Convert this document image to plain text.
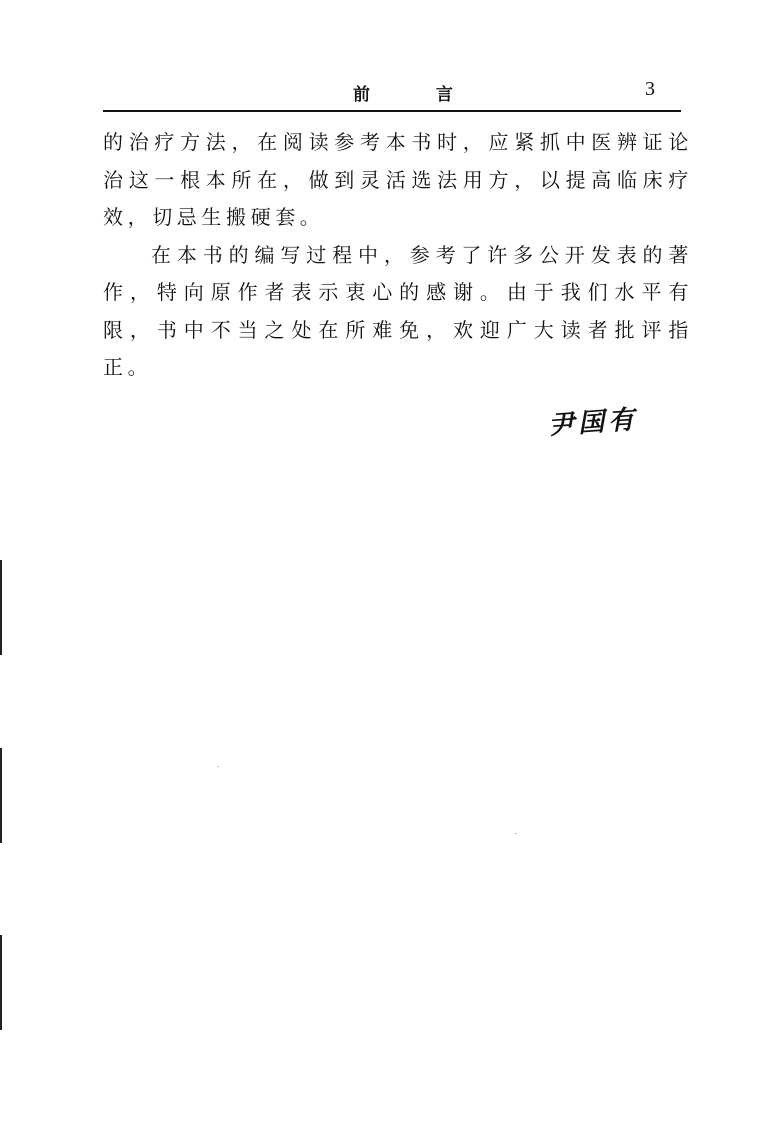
前 言	3

的治疗方法，在阅读参考本书时，应紧抓中医辨证论治这一根本所在，做到灵活选法用方，以提高临床疗效，切忌生搬硬套。

在本书的编写过程中，参考了许多公开发表的著作，特向原作者表示衷心的感谢。由于我们水平有限，书中不当之处在所难免，欢迎广大读者批评指正。

尹国有
